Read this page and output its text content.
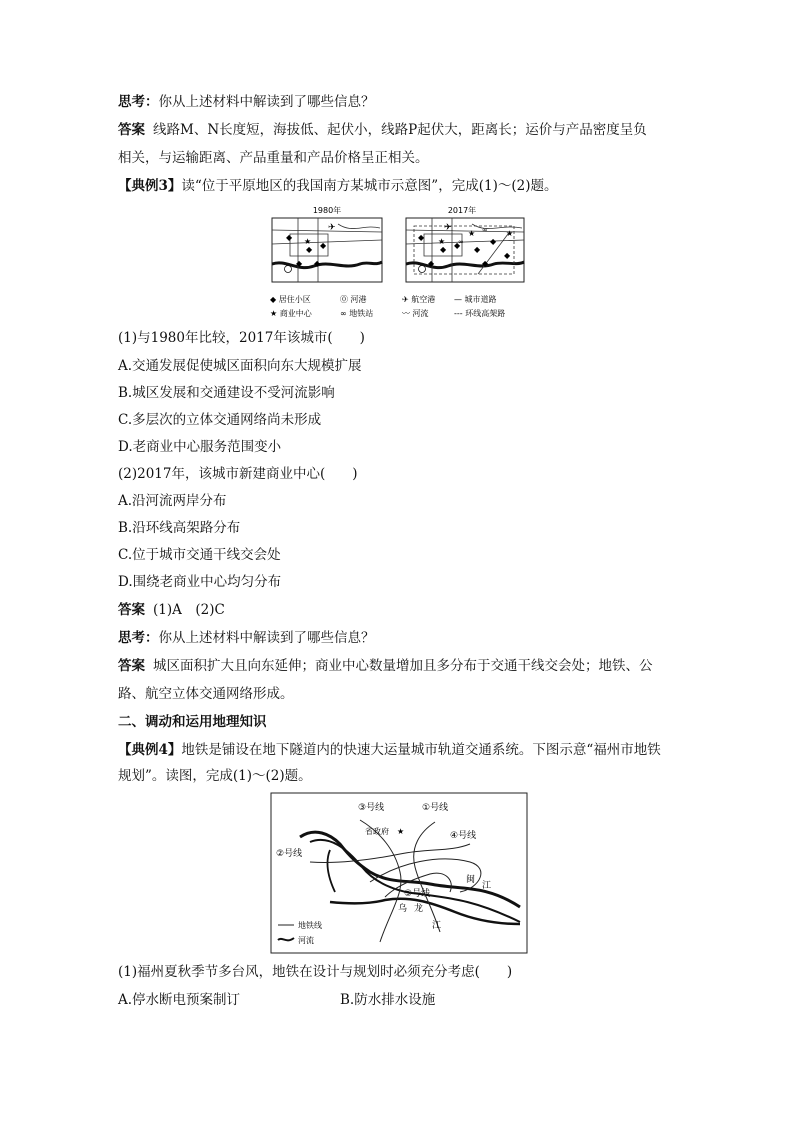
思考：你从上述材料中解读到了哪些信息？
答案 线路M、N长度短，海拔低、起伏小，线路P起伏大，距离长；运价与产品密度呈负
相关，与运输距离、产品重量和产品价格呈正相关。
【典例3】读“位于平原地区的我国南方某城市示意图”，完成(1)～(2)题。
1980年
◆
◆ ◆
◆ ◆
★
✈
2017年
◆
◆ ◆
◆
◆
◆
◆
◆
★
★	★
✈
∞
∞
◆ 居住小区	⓪ 河港	✈ 航空港 — 城市道路
★ 商业中心	∞ 地铁站	〰 河流	--- 环线高架路
(1)与1980年比较，2017年该城市(　　)
A.交通发展促使城区面积向东大规模扩展
B.城区发展和交通建设不受河流影响
C.多层次的立体交通网络尚未形成
D.老商业中心服务范围变小
(2)2017年，该城市新建商业中心(　　)
A.沿河流两岸分布
B.沿环线高架路分布
C.位于城市交通干线交会处
D.围绕老商业中心均匀分布
答案 (1)A　(2)C
思考：你从上述材料中解读到了哪些信息？
答案 城区面积扩大且向东延伸；商业中心数量增加且多分布于交通干线交会处；地铁、公
路、航空立体交通网络形成。
二、调动和运用地理知识
【典例4】地铁是铺设在地下隧道内的快速大运量城市轨道交通系统。下图示意“福州市地铁
规划”。读图，完成(1)～(2)题。
③号线	①号线
省政府 ★	④号线
②号线
⑤号线
闽
江
乌 龙
江
地铁线
河流
(1)福州夏秋季节多台风，地铁在设计与规划时必须充分考虑(　　)
A.停水断电预案制订	B.防水排水设施
